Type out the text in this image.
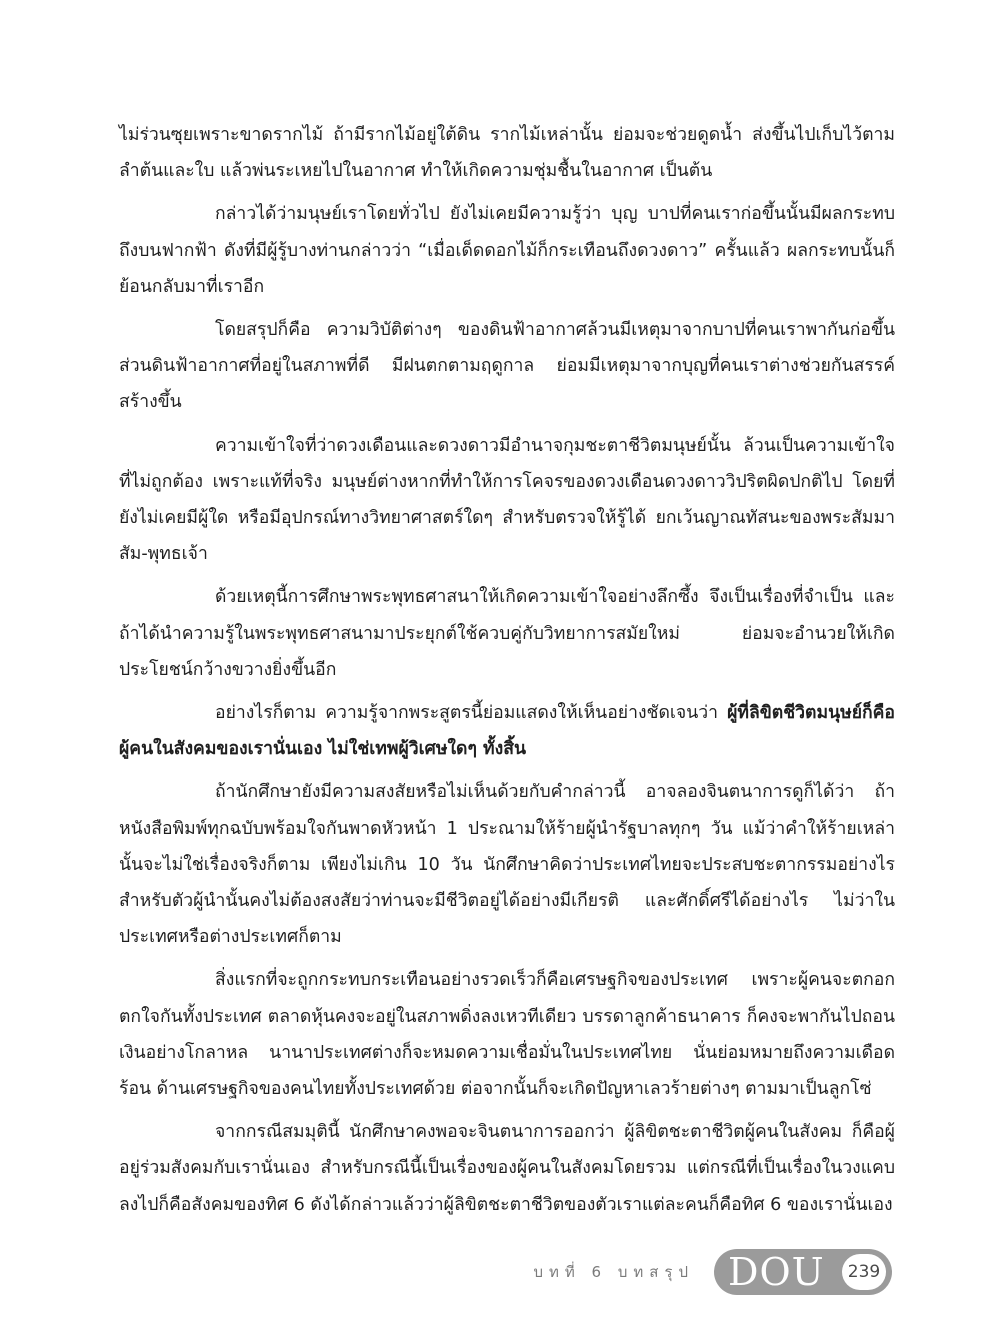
ไม่ร่วนซุยเพราะขาดรากไม้ ถ้ามีรากไม้อยู่ใต้ดิน รากไม้เหล่านั้น ย่อมจะช่วยดูดน้ำ ส่งขึ้นไปเก็บไว้ตามลำต้นและใบ แล้วพ่นระเหยไปในอากาศ ทำให้เกิดความชุ่มชื้นในอากาศ เป็นต้น

กล่าวได้ว่ามนุษย์เราโดยทั่วไป ยังไม่เคยมีความรู้ว่า บุญ บาปที่คนเราก่อขึ้นนั้นมีผลกระทบถึงบนฟากฟ้า ดังที่มีผู้รู้บางท่านกล่าวว่า “เมื่อเด็ดดอกไม้ก็กระเทือนถึงดวงดาว” ครั้นแล้ว ผลกระทบนั้นก็ย้อนกลับมาที่เราอีก

โดยสรุปก็คือ ความวิบัติต่างๆ ของดินฟ้าอากาศล้วนมีเหตุมาจากบาปที่คนเราพากันก่อขึ้น ส่วนดินฟ้าอากาศที่อยู่ในสภาพที่ดี มีฝนตกตามฤดูกาล ย่อมมีเหตุมาจากบุญที่คนเราต่างช่วยกันสรรค์สร้างขึ้น

ความเข้าใจที่ว่าดวงเดือนและดวงดาวมีอำนาจกุมชะตาชีวิตมนุษย์นั้น ล้วนเป็นความเข้าใจที่ไม่ถูกต้อง เพราะแท้ที่จริง มนุษย์ต่างหากที่ทำให้การโคจรของดวงเดือนดวงดาววิปริตผิดปกติไป โดยที่ยังไม่เคยมีผู้ใด หรือมีอุปกรณ์ทางวิทยาศาสตร์ใดๆ สำหรับตรวจให้รู้ได้ ยกเว้นญาณทัสนะของพระสัมมาสัม-พุทธเจ้า

ด้วยเหตุนี้การศึกษาพระพุทธศาสนาให้เกิดความเข้าใจอย่างลึกซึ้ง จึงเป็นเรื่องที่จำเป็น และถ้าได้นำความรู้ในพระพุทธศาสนามาประยุกต์ใช้ควบคู่กับวิทยาการสมัยใหม่ ย่อมจะอำนวยให้เกิดประโยชน์กว้างขวางยิ่งขึ้นอีก

อย่างไรก็ตาม ความรู้จากพระสูตรนี้ย่อมแสดงให้เห็นอย่างชัดเจนว่า ผู้ที่ลิขิตชีวิตมนุษย์ก็คือผู้คนในสังคมของเรานั่นเอง ไม่ใช่เทพผู้วิเศษใดๆ ทั้งสิ้น

ถ้านักศึกษายังมีความสงสัยหรือไม่เห็นด้วยกับคำกล่าวนี้ อาจลองจินตนาการดูก็ได้ว่า ถ้าหนังสือพิมพ์ทุกฉบับพร้อมใจกันพาดหัวหน้า 1 ประณามให้ร้ายผู้นำรัฐบาลทุกๆ วัน แม้ว่าคำให้ร้ายเหล่านั้นจะไม่ใช่เรื่องจริงก็ตาม เพียงไม่เกิน 10 วัน นักศึกษาคิดว่าประเทศไทยจะประสบชะตากรรมอย่างไร สำหรับตัวผู้นำนั้นคงไม่ต้องสงสัยว่าท่านจะมีชีวิตอยู่ได้อย่างมีเกียรติ และศักดิ์ศรีได้อย่างไร ไม่ว่าในประเทศหรือต่างประเทศก็ตาม

สิ่งแรกที่จะถูกกระทบกระเทือนอย่างรวดเร็วก็คือเศรษฐกิจของประเทศ เพราะผู้คนจะตกอกตกใจกันทั้งประเทศ ตลาดหุ้นคงจะอยู่ในสภาพดิ่งลงเหวทีเดียว บรรดาลูกค้าธนาคาร ก็คงจะพากันไปถอนเงินอย่างโกลาหล นานาประเทศต่างก็จะหมดความเชื่อมั่นในประเทศไทย นั่นย่อมหมายถึงความเดือดร้อน ด้านเศรษฐกิจของคนไทยทั้งประเทศด้วย ต่อจากนั้นก็จะเกิดปัญหาเลวร้ายต่างๆ ตามมาเป็นลูกโซ่

จากกรณีสมมุตินี้ นักศึกษาคงพอจะจินตนาการออกว่า ผู้ลิขิตชะตาชีวิตผู้คนในสังคม ก็คือผู้อยู่ร่วมสังคมกับเรานั่นเอง สำหรับกรณีนี้เป็นเรื่องของผู้คนในสังคมโดยรวม แต่กรณีที่เป็นเรื่องในวงแคบลงไปก็คือสังคมของทิศ 6 ดังได้กล่าวแล้วว่าผู้ลิขิตชะตาชีวิตของตัวเราแต่ละคนก็คือทิศ 6 ของเรานั่นเอง

บทที่ 6 บทสรุป DOU	239
